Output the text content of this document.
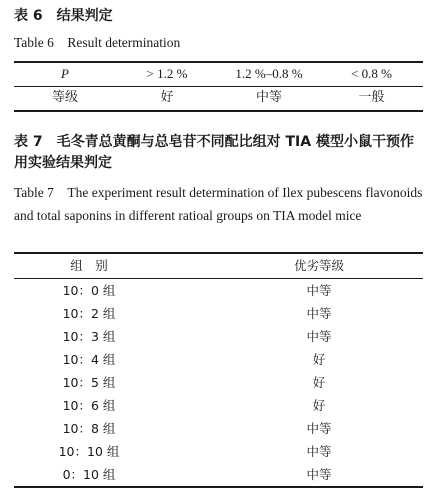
表 6　结果判定
Table 6　Result determination
P	> 1.2 %	1.2 %–0.8 %	< 0.8 %
等级	好	中等	一般
表 7　毛冬青总黄酮与总皂苷不同配比组对 TIA 模型小鼠干预作用实验结果判定
Table 7　The experiment result determination of Ilex pubescens flavonoids and total saponins in different ratioal groups on TIA model mice
组　别	优劣等级
10：0 组	中等
10：2 组	中等
10：3 组	中等
10：4 组	好
10：5 组	好
10：6 组	好
10：8 组	中等
10：10 组	中等
0：10 组	中等
